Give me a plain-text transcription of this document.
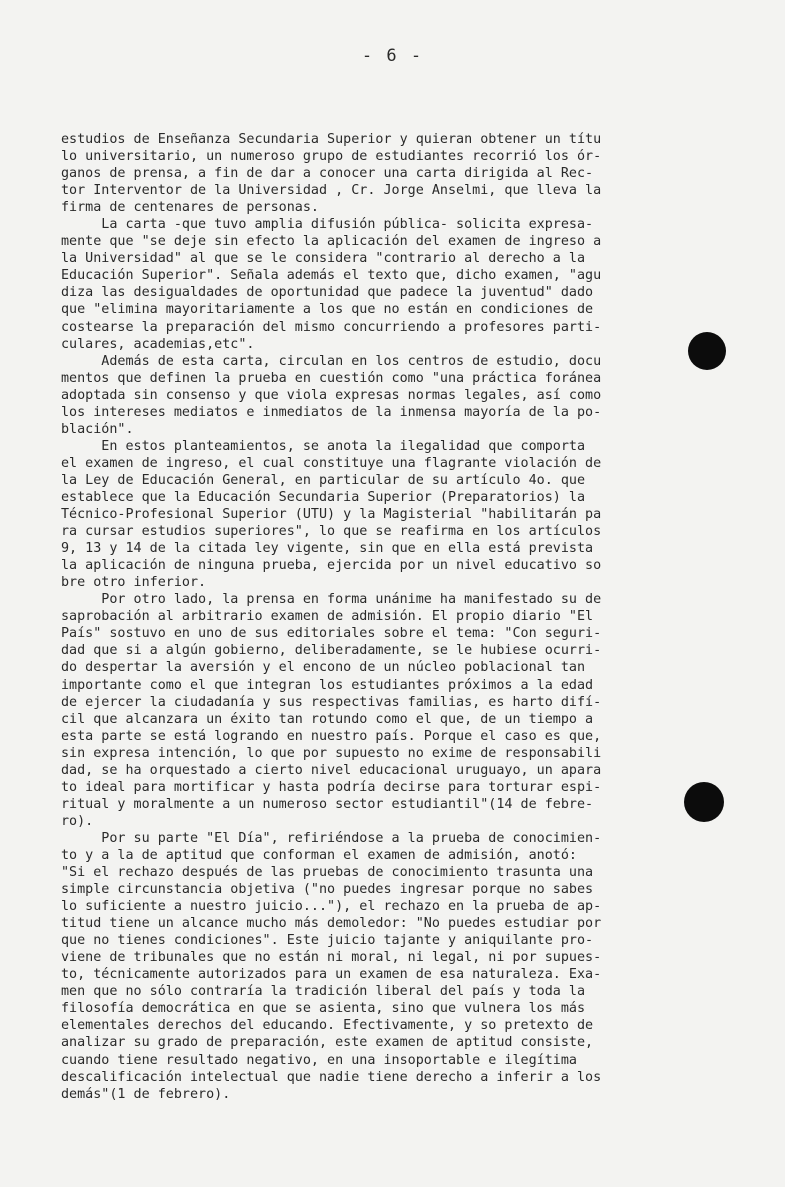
- 6 -
estudios de Enseñanza Secundaria Superior y quieran obtener un títu
lo universitario, un numeroso grupo de estudiantes recorrió los ór-
ganos de prensa, a fin de dar a conocer una carta dirigida al Rec-
tor Interventor de la Universidad , Cr. Jorge Anselmi, que lleva la
firma de centenares de personas.
La carta -que tuvo amplia difusión pública- solicita expresa-
mente que "se deje sin efecto la aplicación del examen de ingreso a
la Universidad" al que se le considera "contrario al derecho a la
Educación Superior". Señala además el texto que, dicho examen, "agu
diza las desigualdades de oportunidad que padece la juventud" dado
que "elimina mayoritariamente a los que no están en condiciones de
costearse la preparación del mismo concurriendo a profesores parti-
culares, academias,etc".
Además de esta carta, circulan en los centros de estudio, docu
mentos que definen la prueba en cuestión como "una práctica foránea
adoptada sin consenso y que viola expresas normas legales, así como
los intereses mediatos e inmediatos de la inmensa mayoría de la po-
blación".
En estos planteamientos, se anota la ilegalidad que comporta
el examen de ingreso, el cual constituye una flagrante violación de
la Ley de Educación General, en particular de su artículo 4o. que
establece que la Educación Secundaria Superior (Preparatorios) la
Técnico-Profesional Superior (UTU) y la Magisterial "habilitarán pa
ra cursar estudios superiores", lo que se reafirma en los artículos
9, 13 y 14 de la citada ley vigente, sin que en ella está prevista
la aplicación de ninguna prueba, ejercida por un nivel educativo so
bre otro inferior.
Por otro lado, la prensa en forma unánime ha manifestado su de
saprobación al arbitrario examen de admisión. El propio diario "El
País" sostuvo en uno de sus editoriales sobre el tema: "Con seguri-
dad que si a algún gobierno, deliberadamente, se le hubiese ocurri-
do despertar la aversión y el encono de un núcleo poblacional tan
importante como el que integran los estudiantes próximos a la edad
de ejercer la ciudadanía y sus respectivas familias, es harto difí-
cil que alcanzara un éxito tan rotundo como el que, de un tiempo a
esta parte se está logrando en nuestro país. Porque el caso es que,
sin expresa intención, lo que por supuesto no exime de responsabili
dad, se ha orquestado a cierto nivel educacional uruguayo, un apara
to ideal para mortificar y hasta podría decirse para torturar espi-
ritual y moralmente a un numeroso sector estudiantil"(14 de febre-
ro).
Por su parte "El Día", refiriéndose a la prueba de conocimien-
to y a la de aptitud que conforman el examen de admisión, anotó:
"Si el rechazo después de las pruebas de conocimiento trasunta una
simple circunstancia objetiva ("no puedes ingresar porque no sabes
lo suficiente a nuestro juicio..."), el rechazo en la prueba de ap-
titud tiene un alcance mucho más demoledor: "No puedes estudiar por
que no tienes condiciones". Este juicio tajante y aniquilante pro-
viene de tribunales que no están ni moral, ni legal, ni por supues-
to, técnicamente autorizados para un examen de esa naturaleza. Exa-
men que no sólo contraría la tradición liberal del país y toda la
filosofía democrática en que se asienta, sino que vulnera los más
elementales derechos del educando. Efectivamente, y so pretexto de
analizar su grado de preparación, este examen de aptitud consiste,
cuando tiene resultado negativo, en una insoportable e ilegítima
descalificación intelectual que nadie tiene derecho a inferir a los
demás"(1 de febrero).
